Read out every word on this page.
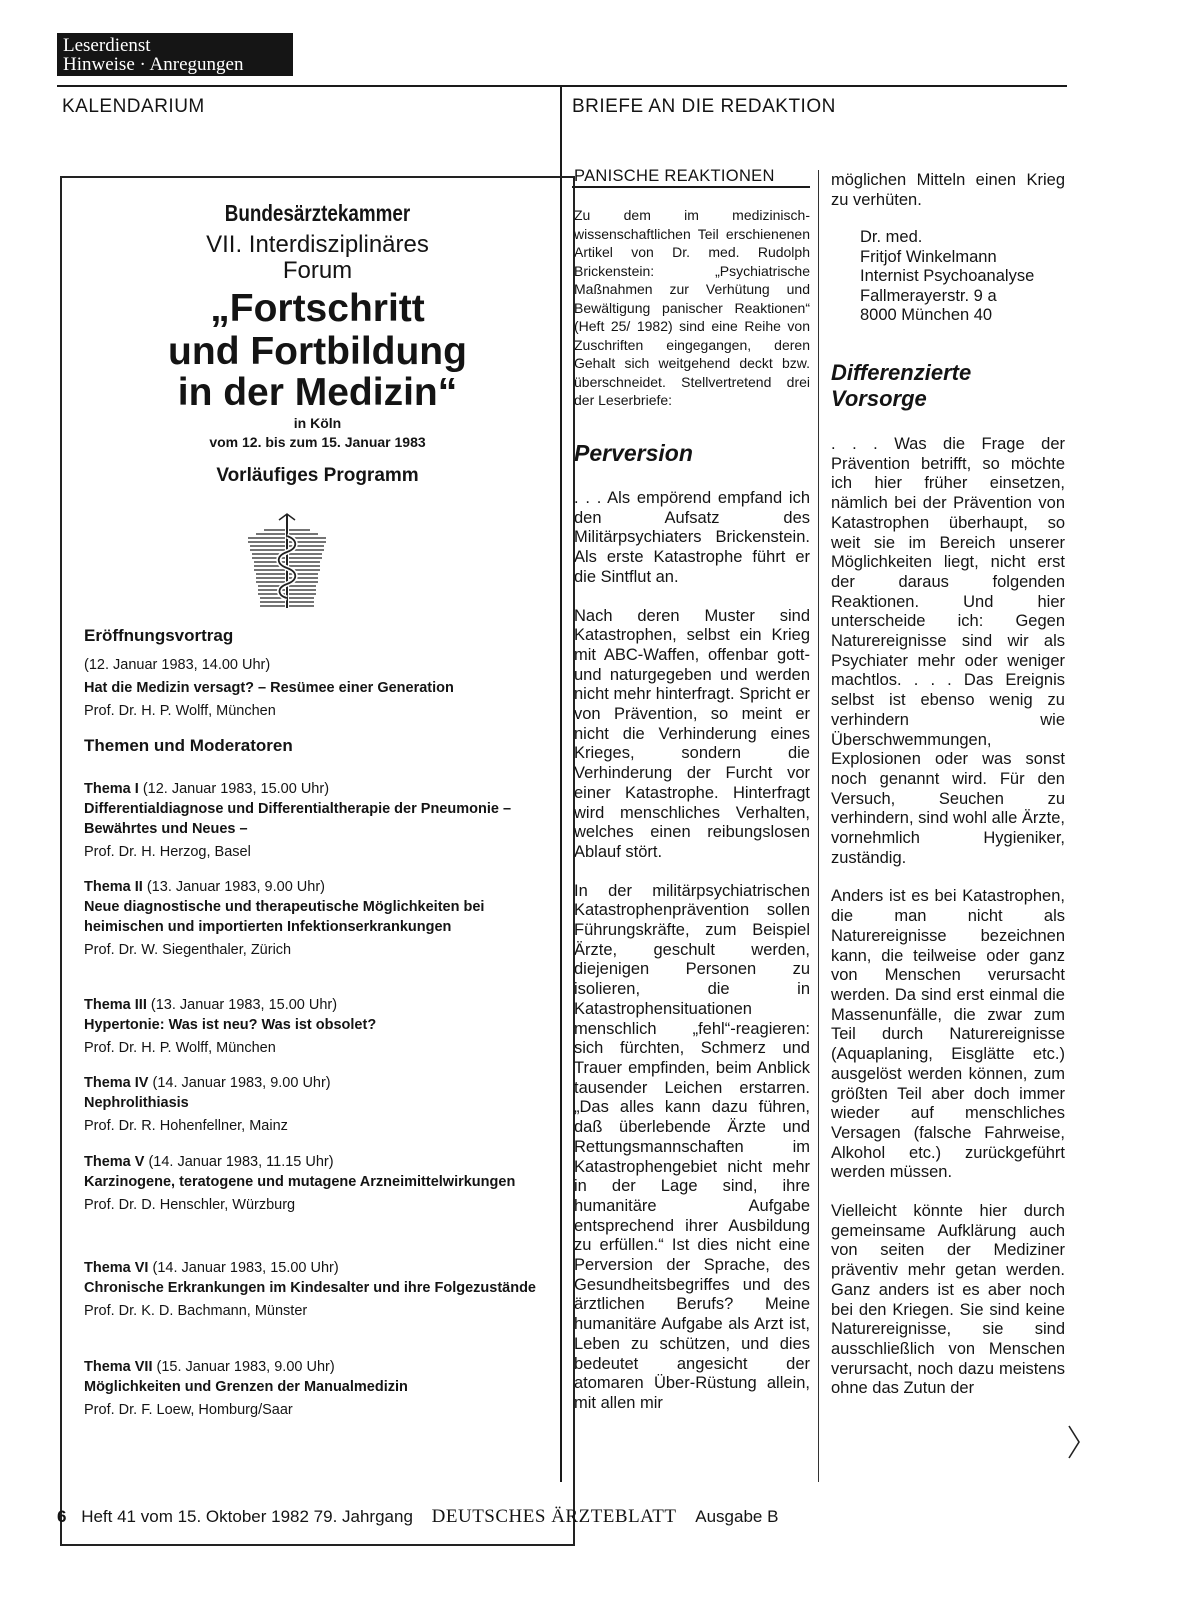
Leserdienst
Hinweise · Anregungen
KALENDARIUM	BRIEFE AN DIE REDAKTION
Bundesärztekammer
VII. Interdisziplinäres
Forum
„Fortschritt
und Fortbildung
in der Medizin“
in Köln
vom 12. bis zum 15. Januar 1983
Vorläufiges Programm

Eröffnungsvortrag

(12. Januar 1983, 14.00 Uhr)

Hat die Medizin versagt? – Resümee einer Generation

Prof. Dr. H. P. Wolff, München

Themen und Moderatoren

Thema I (12. Januar 1983, 15.00 Uhr)

Differentialdiagnose und Differentialtherapie der Pneumonie – Bewährtes und Neues –

Prof. Dr. H. Herzog, Basel

Thema II (13. Januar 1983, 9.00 Uhr)

Neue diagnostische und therapeutische Möglichkeiten bei heimischen und importierten Infektionserkrankungen

Prof. Dr. W. Siegenthaler, Zürich

Thema III (13. Januar 1983, 15.00 Uhr)

Hypertonie: Was ist neu? Was ist obsolet?

Prof. Dr. H. P. Wolff, München

Thema IV (14. Januar 1983, 9.00 Uhr)

Nephrolithiasis

Prof. Dr. R. Hohenfellner, Mainz

Thema V (14. Januar 1983, 11.15 Uhr)

Karzinogene, teratogene und mutagene Arzneimittelwirkungen

Prof. Dr. D. Henschler, Würzburg

Thema VI (14. Januar 1983, 15.00 Uhr)

Chronische Erkrankungen im Kindesalter und ihre Folgezustände

Prof. Dr. K. D. Bachmann, Münster

Thema VII (15. Januar 1983, 9.00 Uhr)

Möglichkeiten und Grenzen der Manualmedizin

Prof. Dr. F. Loew, Homburg/Saar

PANISCHE REAKTIONEN
Zu dem im medizinisch-wissenschaftlichen Teil erschienenen Artikel von Dr. med. Rudolph Brickenstein: „Psychiatrische Maßnahmen zur Verhütung und Bewältigung panischer Reaktionen“ (Heft 25/ 1982) sind eine Reihe von Zuschriften eingegangen, deren Gehalt sich weitgehend deckt bzw. überschneidet. Stellvertretend drei der Leserbriefe:
Perversion

. . . Als empörend empfand ich den Aufsatz des Militärpsychiaters Brickenstein. Als erste Katastrophe führt er die Sintflut an.

Nach deren Muster sind Katastrophen, selbst ein Krieg mit ABC-Waffen, offenbar gott- und naturgegeben und werden nicht mehr hinterfragt. Spricht er von Prävention, so meint er nicht die Verhinderung eines Krieges, sondern die Verhinderung der Furcht vor einer Katastrophe. Hinterfragt wird menschliches Verhalten, welches einen reibungslosen Ablauf stört.

In der militärpsychiatrischen Katastrophenprävention sollen Führungskräfte, zum Beispiel Ärzte, geschult werden, diejenigen Personen zu isolieren, die in Katastrophensituationen menschlich „fehl“-reagieren: sich fürchten, Schmerz und Trauer empfinden, beim Anblick tausender Leichen erstarren. „Das alles kann dazu führen, daß überlebende Ärzte und Rettungsmannschaften im Katastrophengebiet nicht mehr in der Lage sind, ihre humanitäre Aufgabe entsprechend ihrer Ausbildung zu erfüllen.“ Ist dies nicht eine Perversion der Sprache, des Gesundheitsbegriffes und des ärztlichen Berufs? Meine humanitäre Aufgabe als Arzt ist, Leben zu schützen, und dies bedeutet angesicht der atomaren Über-Rüstung allein, mit allen mir

möglichen Mitteln einen Krieg zu verhüten.
Dr. med.
Fritjof Winkelmann
Internist Psychoanalyse
Fallmerayerstr. 9 a
8000 München 40
Differenzierte
Vorsorge

. . . Was die Frage der Prävention betrifft, so möchte ich hier früher einsetzen, nämlich bei der Prävention von Katastrophen überhaupt, so weit sie im Bereich unserer Möglichkeiten liegt, nicht erst der daraus folgenden Reaktionen. Und hier unterscheide ich: Gegen Naturereignisse sind wir als Psychiater mehr oder weniger machtlos. . . . Das Ereignis selbst ist ebenso wenig zu verhindern wie Überschwemmungen, Explosionen oder was sonst noch genannt wird. Für den Versuch, Seuchen zu verhindern, sind wohl alle Ärzte, vornehmlich Hygieniker, zuständig.

Anders ist es bei Katastrophen, die man nicht als Naturereignisse bezeichnen kann, die teilweise oder ganz von Menschen verursacht werden. Da sind erst einmal die Massenunfälle, die zwar zum Teil durch Naturereignisse (Aquaplaning, Eisglätte etc.) ausgelöst werden können, zum größten Teil aber doch immer wieder auf menschliches Versagen (falsche Fahrweise, Alkohol etc.) zurückgeführt werden müssen.

Vielleicht könnte hier durch gemeinsame Aufklärung auch von seiten der Mediziner präventiv mehr getan werden. Ganz anders ist es aber noch bei den Kriegen. Sie sind keine Naturereignisse, sie sind ausschließlich von Menschen verursacht, noch dazu meistens ohne das Zutun der

6 Heft 41 vom 15. Oktober 1982 79. Jahrgang DEUTSCHES ÄRZTEBLATT Ausgabe B
